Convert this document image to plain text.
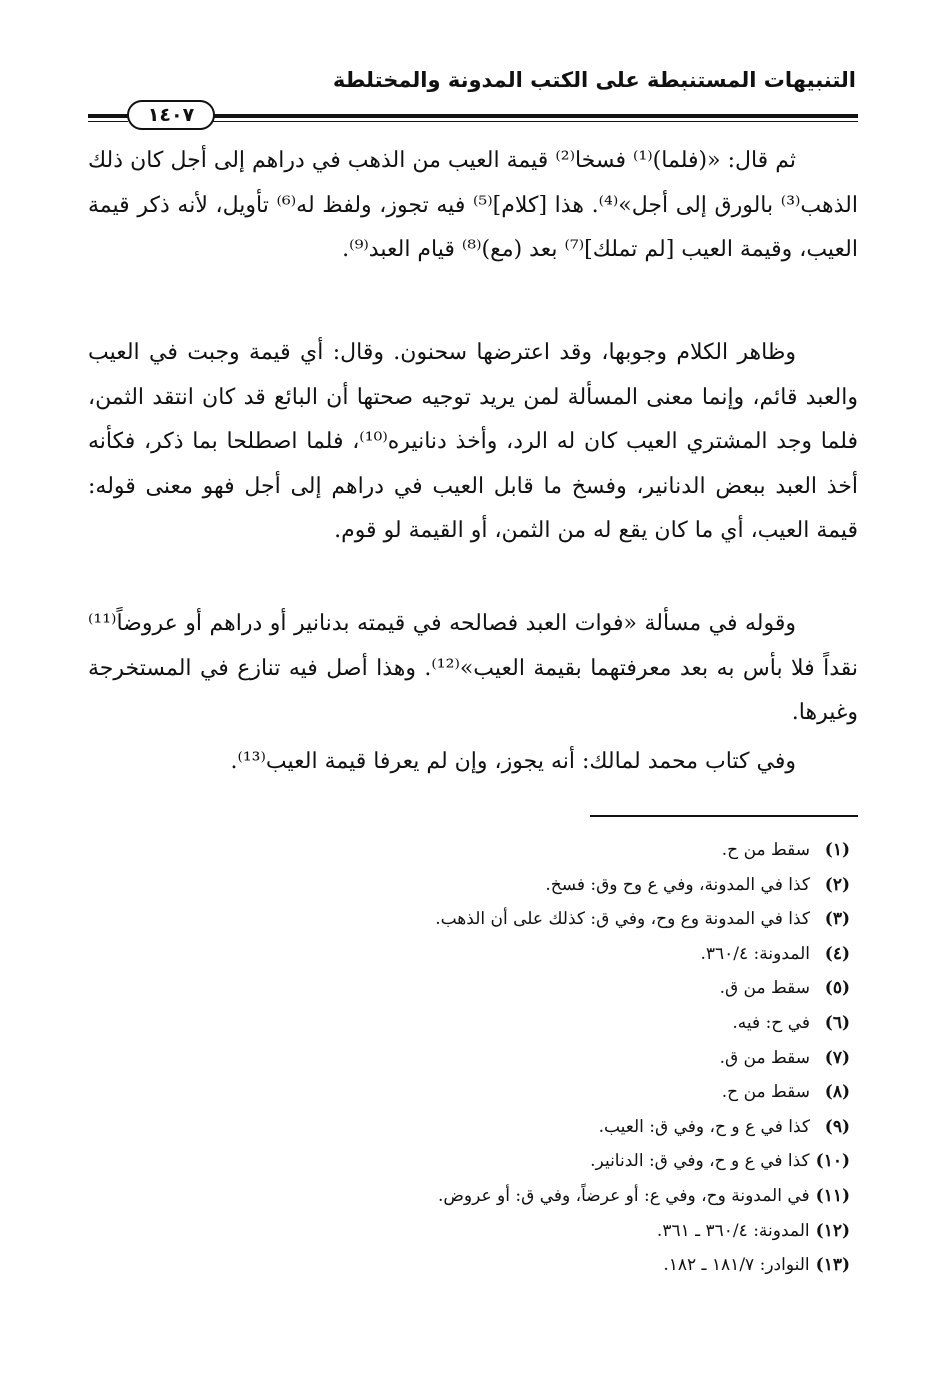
التنبيهات المستنبطة على الكتب المدونة والمختلطة
١٤٠٧
ثم قال: «(فلما)⁽¹⁾ فسخا⁽²⁾ قيمة العيب من الذهب في دراهم إلى أجل كان ذلك الذهب⁽³⁾ بالورق إلى أجل»⁽⁴⁾. هذا [كلام]⁽⁵⁾ فيه تجوز، ولفظ له⁽⁶⁾ تأويل، لأنه ذكر قيمة العيب، وقيمة العيب [لم تملك]⁽⁷⁾ بعد (مع)⁽⁸⁾ قيام العبد⁽⁹⁾.
وظاهر الكلام وجوبها، وقد اعترضها سحنون. وقال: أي قيمة وجبت في العيب والعبد قائم، وإنما معنى المسألة لمن يريد توجيه صحتها أن البائع قد كان انتقد الثمن، فلما وجد المشتري العيب كان له الرد، وأخذ دنانيره⁽¹⁰⁾، فلما اصطلحا بما ذكر، فكأنه أخذ العبد ببعض الدنانير، وفسخ ما قابل العيب في دراهم إلى أجل فهو معنى قوله: قيمة العيب، أي ما كان يقع له من الثمن، أو القيمة لو قوم.
وقوله في مسألة «فوات العبد فصالحه في قيمته بدنانير أو دراهم أو عروضاً⁽¹¹⁾ نقداً فلا بأس به بعد معرفتهما بقيمة العيب»⁽¹²⁾. وهذا أصل فيه تنازع في المستخرجة وغيرها.
وفي كتاب محمد لمالك: أنه يجوز، وإن لم يعرفا قيمة العيب⁽¹³⁾.
(١)سقط من ح.
(٢)كذا في المدونة، وفي ع وح وق: فسخ.
(٣)كذا في المدونة وع وح، وفي ق: كذلك على أن الذهب.
(٤)المدونة: ٣٦٠/٤.
(٥)سقط من ق.
(٦)في ح: فيه.
(٧)سقط من ق.
(٨)سقط من ح.
(٩)كذا في ع و ح، وفي ق: العيب.
(١٠)كذا في ع و ح، وفي ق: الدنانير.
(١١)في المدونة وح، وفي ع: أو عرضاً، وفي ق: أو عروض.
(١٢)المدونة: ٣٦٠/٤ ـ ٣٦١.
(١٣)النوادر: ١٨١/٧ ـ ١٨٢.
